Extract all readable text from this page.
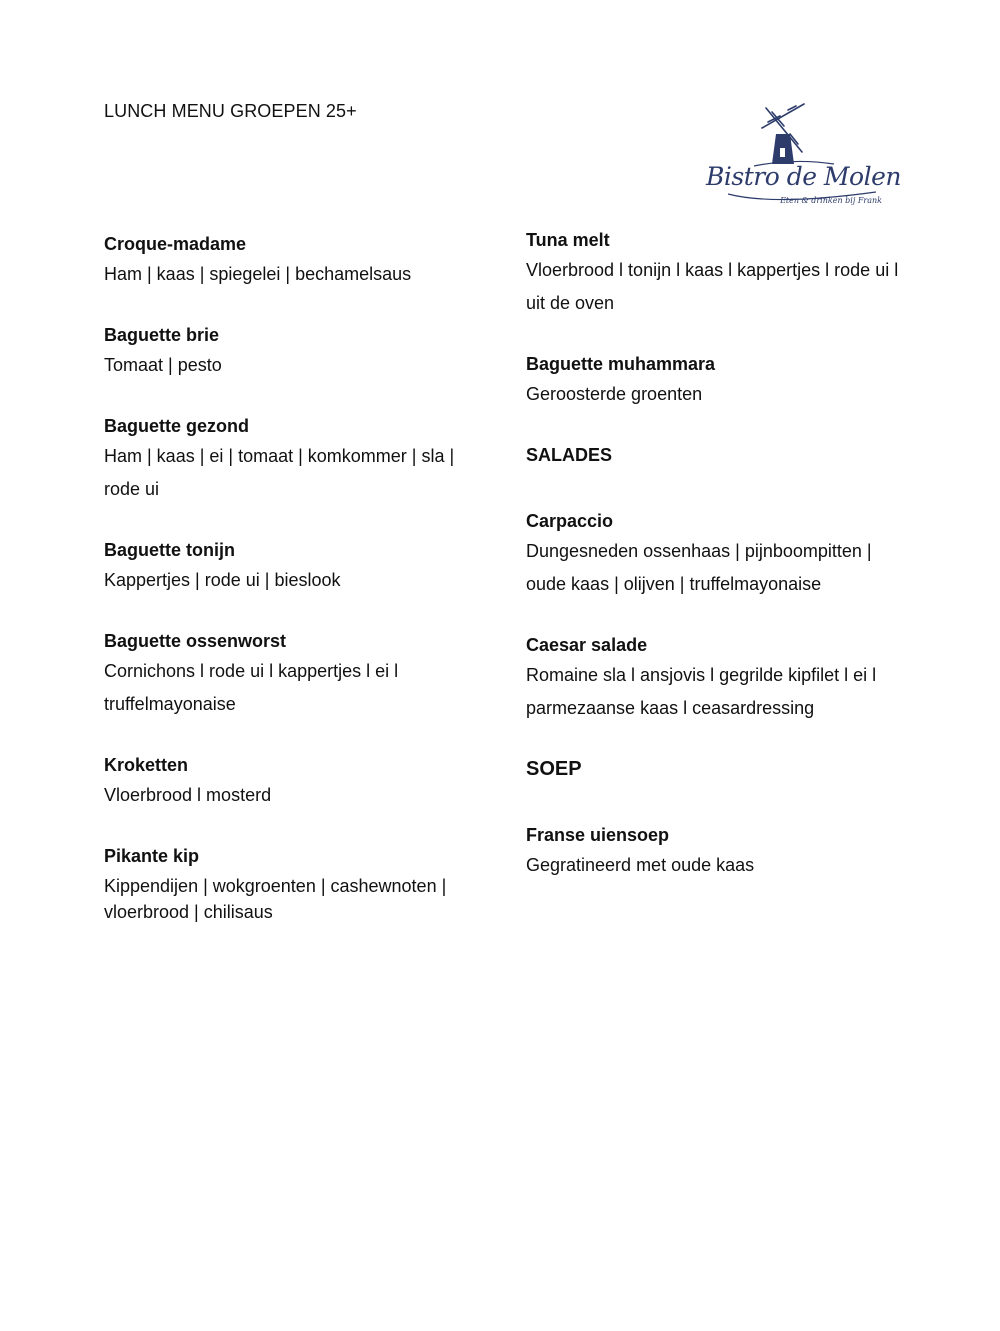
LUNCH MENU GROEPEN 25+
Bistro de Molen
Eten & drinken bij Frank
Croque-madame
Ham | kaas | spiegelei | bechamelsaus
Baguette brie
Tomaat | pesto
Baguette gezond
Ham | kaas | ei | tomaat | komkommer | sla | rode ui
Baguette tonijn
Kappertjes | rode ui | bieslook
Baguette ossenworst
Cornichons l rode ui l kappertjes l ei l truffelmayonaise
Kroketten
Vloerbrood l mosterd
Pikante kip
Kippendijen | wokgroenten | cashewnoten | vloerbrood | chilisaus
Tuna melt
Vloerbrood l tonijn l kaas l kappertjes l rode ui l uit de oven
Baguette muhammara
Geroosterde groenten
SALADES
Carpaccio
Dungesneden ossenhaas | pijnboompitten | oude kaas | olijven | truffelmayonaise
Caesar salade
Romaine sla l ansjovis l gegrilde kipfilet l ei l parmezaanse kaas l ceasardressing
SOEP
Franse uiensoep
Gegratineerd met oude kaas
